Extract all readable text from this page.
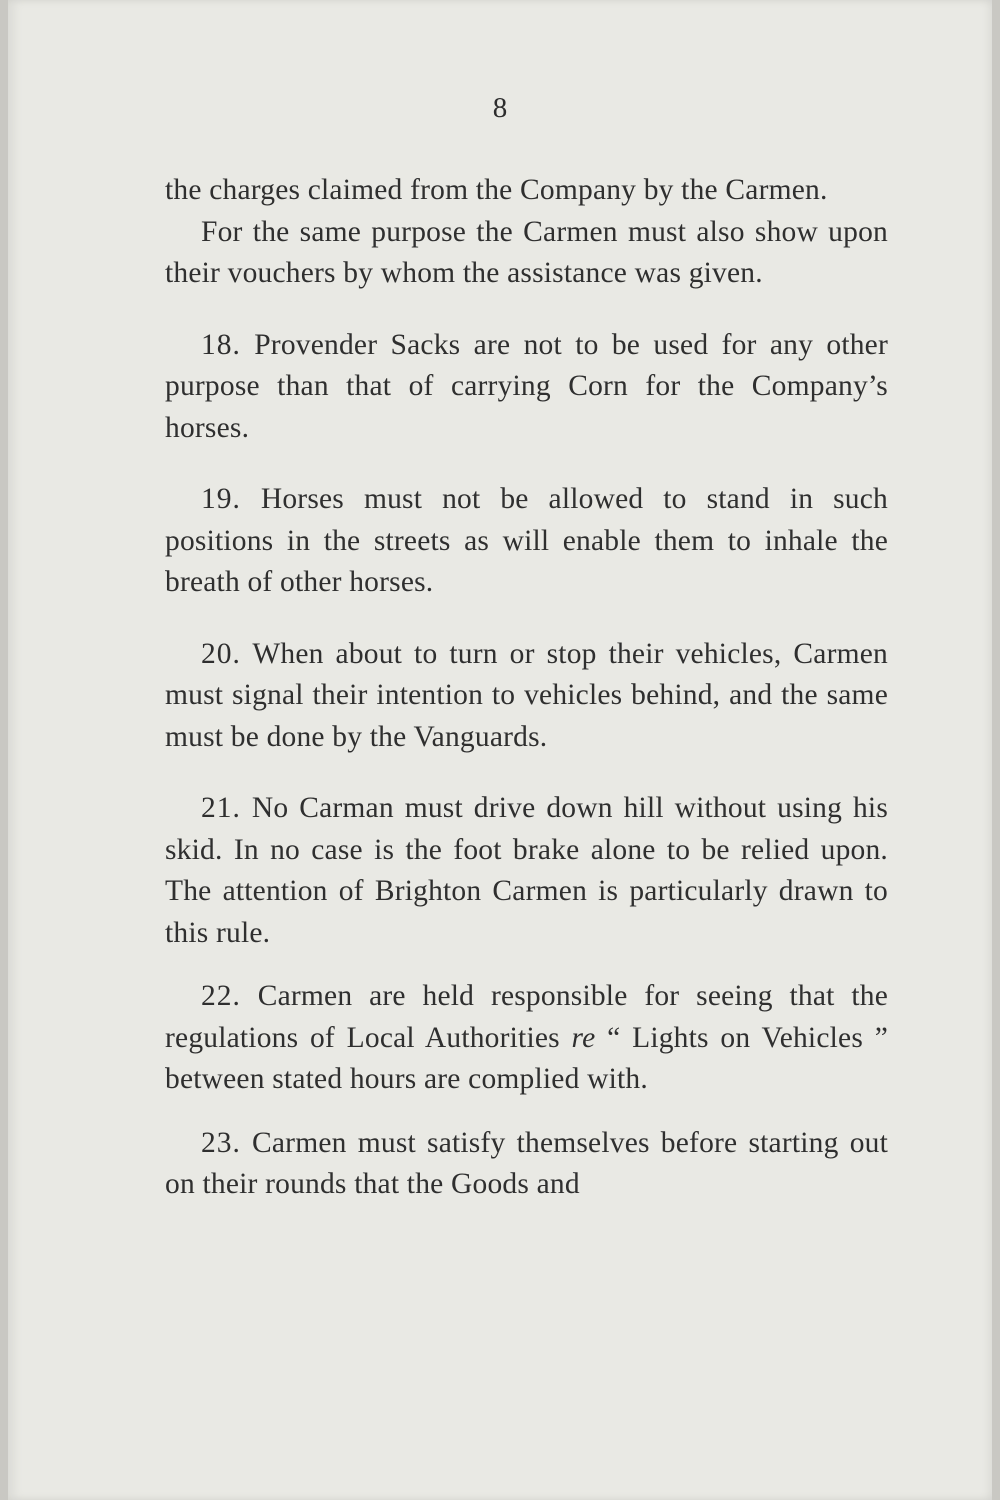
8

the charges claimed from the Company by the Carmen.

For the same purpose the Carmen must also show upon their vouchers by whom the assistance was given.

18. Provender Sacks are not to be used for any other purpose than that of carrying Corn for the Company’s horses.

19. Horses must not be allowed to stand in such positions in the streets as will enable them to inhale the breath of other horses.

20. When about to turn or stop their vehicles, Carmen must signal their intention to vehicles behind, and the same must be done by the Vanguards.

21. No Carman must drive down hill without using his skid. In no case is the foot brake alone to be relied upon. The attention of Brighton Carmen is particularly drawn to this rule.

22. Carmen are held responsible for seeing that the regulations of Local Authorities re “ Lights on Vehicles ” between stated hours are complied with.

23. Carmen must satisfy themselves before starting out on their rounds that the Goods and
